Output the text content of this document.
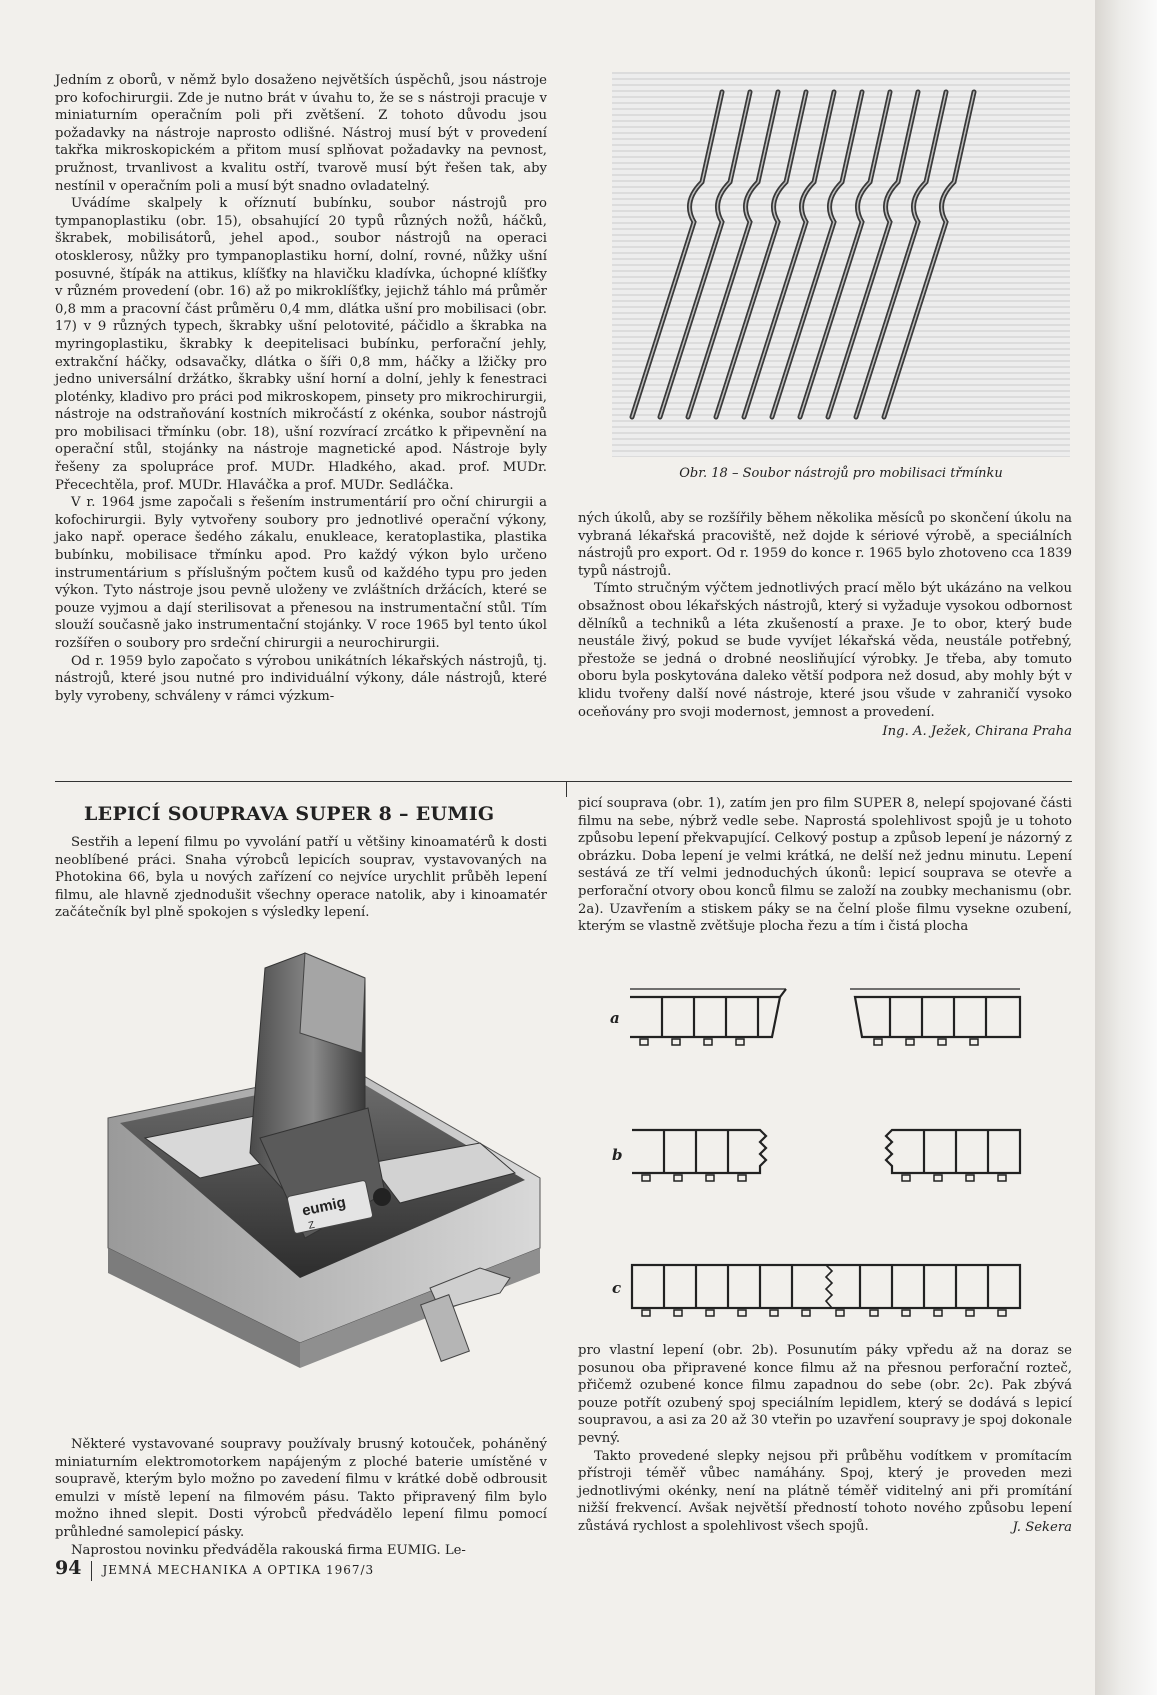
Jedním z oborů, v němž bylo dosaženo největších úspěchů, jsou nástroje pro kofochirurgii. Zde je nutno brát v úvahu to, že se s nástroji pracuje v miniaturním operačním poli při zvětšení. Z tohoto důvodu jsou požadavky na nástroje naprosto odlišné. Nástroj musí být v provedení takřka mikroskopickém a přitom musí splňovat požadavky na pevnost, pružnost, trvanlivost a kvalitu ostří, tvarově musí být řešen tak, aby nestínil v operačním poli a musí být snadno ovladatelný.

Uvádíme skalpely k oříznutí bubínku, soubor nástrojů pro tympanoplastiku (obr. 15), obsahující 20 typů různých nožů, háčků, škrabek, mobilisátorů, jehel apod., soubor nástrojů na operaci otosklerosy, nůžky pro tympanoplastiku horní, dolní, rovné, nůžky ušní posuvné, štípák na attikus, klíšťky na hlavičku kladívka, úchopné klíšťky v různém provedení (obr. 16) až po mikroklíšťky, jejichž táhlo má průměr 0,8 mm a pracovní část průměru 0,4 mm, dlátka ušní pro mobilisaci (obr. 17) v 9 různých typech, škrabky ušní pelotovité, páčidlo a škrabka na myringoplastiku, škrabky k deepitelisaci bubínku, perforační jehly, extrakční háčky, odsavačky, dlátka o šíři 0,8 mm, háčky a lžičky pro jedno universální držátko, škrabky ušní horní a dolní, jehly k fenestraci ploténky, kladivo pro práci pod mikroskopem, pinsety pro mikrochirurgii, nástroje na odstraňování kostních mikročástí z okénka, soubor nástrojů pro mobilisaci třmínku (obr. 18), ušní rozvírací zrcátko k připevnění na operační stůl, stojánky na nástroje magnetické apod. Nástroje byly řešeny za spolupráce prof. MUDr. Hladkého, akad. prof. MUDr. Přecechtěla, prof. MUDr. Hlaváčka a prof. MUDr. Sedláčka.

V r. 1964 jsme započali s řešením instrumentárií pro oční chirurgii a kofochirurgii. Byly vytvořeny soubory pro jednotlivé operační výkony, jako např. operace šedého zákalu, enukleace, keratoplastika, plastika bubínku, mobilisace třmínku apod. Pro každý výkon bylo určeno instrumentárium s příslušným počtem kusů od každého typu pro jeden výkon. Tyto nástroje jsou pevně uloženy ve zvláštních držácích, které se pouze vyjmou a dají sterilisovat a přenesou na instrumentační stůl. Tím slouží současně jako instrumentační stojánky. V roce 1965 byl tento úkol rozšířen o soubory pro srdeční chirurgii a neurochirurgii.

Od r. 1959 bylo započato s výrobou unikátních lékařských nástrojů, tj. nástrojů, které jsou nutné pro individuální výkony, dále nástrojů, které byly vyrobeny, schváleny v rámci výzkum-

Obr. 18 – Soubor nástrojů pro mobilisaci třmínku

ných úkolů, aby se rozšířily během několika měsíců po skončení úkolu na vybraná lékařská pracoviště, než dojde k sériové výrobě, a speciálních nástrojů pro export. Od r. 1959 do konce r. 1965 bylo zhotoveno cca 1839 typů nástrojů.

Tímto stručným výčtem jednotlivých prací mělo být ukázáno na velkou obsažnost obou lékařských nástrojů, který si vyžaduje vysokou odbornost dělníků a techniků a léta zkušeností a praxe. Je to obor, který bude neustále živý, pokud se bude vyvíjet lékařská věda, neustále potřebný, přestože se jedná o drobné neosliňující výrobky. Je třeba, aby tomuto oboru byla poskytována daleko větší podpora než dosud, aby mohly být v klidu tvořeny další nové nástroje, které jsou všude v zahraničí vysoko oceňovány pro svoji modernost, jemnost a provedení.

Ing. A. Ježek, Chirana Praha
LEPICÍ SOUPRAVA SUPER 8 – EUMIG

Sestřih a lepení filmu po vyvolání patří u většiny kinoamatérů k dosti neoblíbené práci. Snaha výrobců lepicích souprav, vystavovaných na Photokina 66, byla u nových zařízení co nejvíce urychlit průběh lepení filmu, ale hlavně zjednodušit všechny operace natolik, aby i kinoamatér začátečník byl plně spokojen s výsledky lepení.

eumig
Z

Některé vystavované soupravy používaly brusný kotouček, poháněný miniaturním elektromotorkem napájeným z ploché baterie umístěné v soupravě, kterým bylo možno po zavedení filmu v krátké době odbrousit emulzi v místě lepení na filmovém pásu. Takto připravený film bylo možno ihned slepit. Dosti výrobců předvádělo lepení filmu pomocí průhledné samolepicí pásky.

Naprostou novinku předváděla rakouská firma EUMIG. Le-

picí souprava (obr. 1), zatím jen pro film SUPER 8, nelepí spojované části filmu na sebe, nýbrž vedle sebe. Naprostá spolehlivost spojů je u tohoto způsobu lepení překvapující. Celkový postup a způsob lepení je názorný z obrázku. Doba lepení je velmi krátká, ne delší než jednu minutu. Lepení sestává ze tří velmi jednoduchých úkonů: lepicí souprava se otevře a perforační otvory obou konců filmu se založí na zoubky mechanismu (obr. 2a). Uzavřením a stiskem páky se na čelní ploše filmu vyseknе ozubení, kterým se vlastně zvětšuje plocha řezu a tím i čistá plocha

a
b
c

pro vlastní lepení (obr. 2b). Posunutím páky vpředu až na doraz se posunou oba připravené konce filmu až na přesnou perforační rozteč, přičemž ozubené konce filmu zapadnou do sebe (obr. 2c). Pak zbývá pouze potřít ozubený spoj speciálním lepidlem, který se dodává s lepicí soupravou, a asi za 20 až 30 vteřin po uzavření soupravy je spoj dokonale pevný.

Takto provedené slepky nejsou při průběhu vodítkem v promítacím přístroji téměř vůbec namáhány. Spoj, který je proveden mezi jednotlivými okénky, není na plátně téměř viditelný ani při promítání nižší frekvencí. Avšak největší předností tohoto nového způsobu lepení zůstává rychlost a spolehlivost všech spojů.	J. Sekera
94 JEMNÁ MECHANIKA A OPTIKA 1967/3
